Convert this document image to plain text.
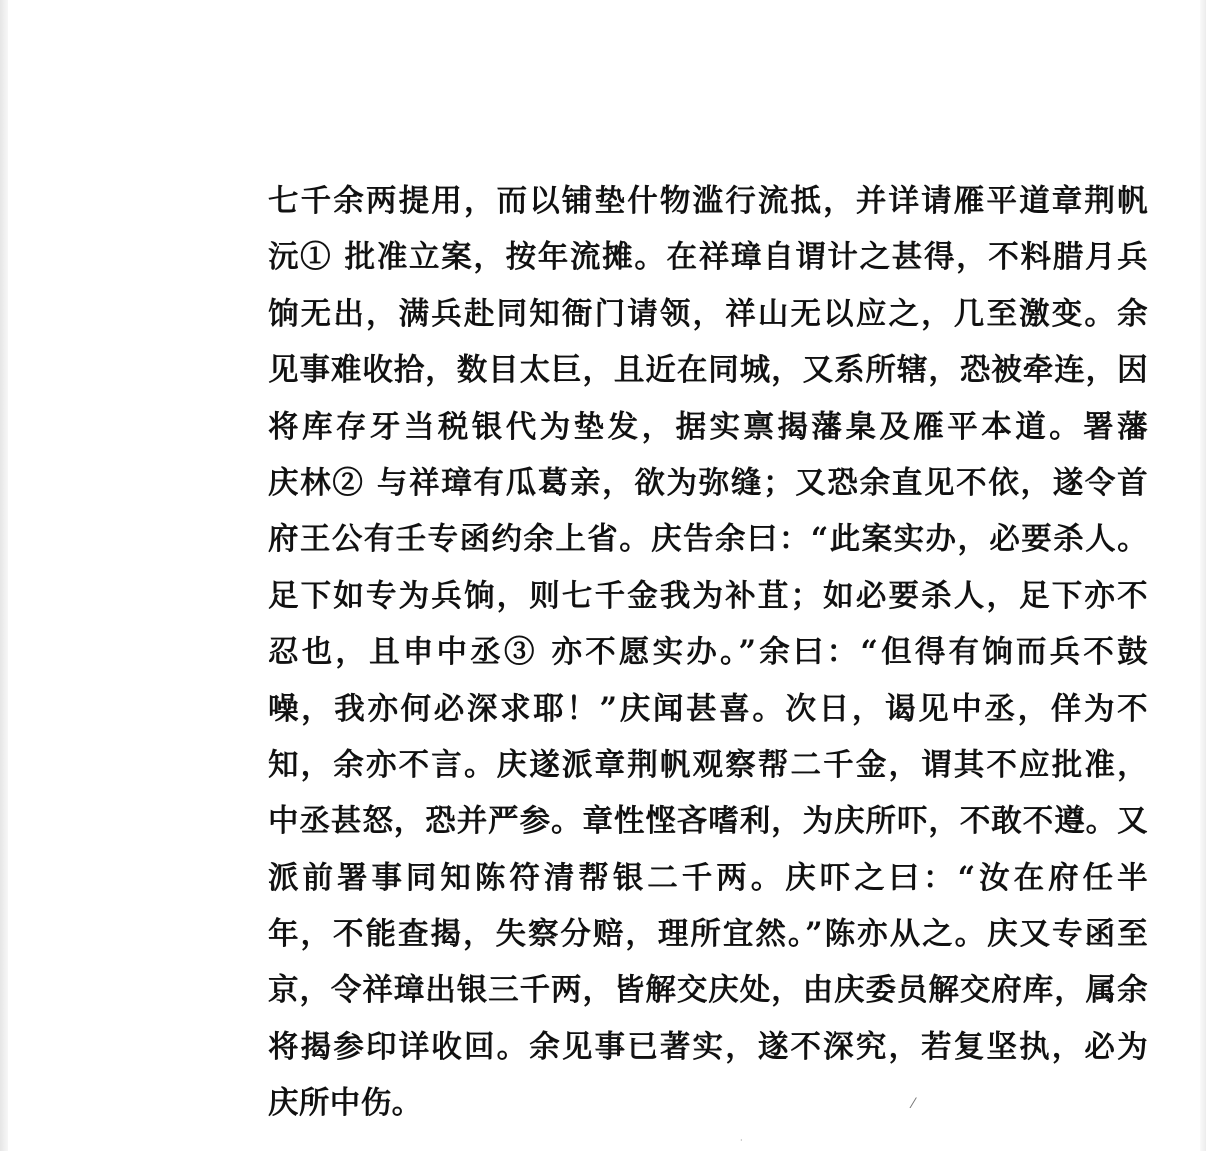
七千余两提用，而以铺垫什物滥行流抵，并详请雁平道章荆帆
沅① 批准立案，按年流摊。在祥璋自谓计之甚得，不料腊月兵
饷无出，满兵赴同知衙门请领，祥山无以应之，几至激变。余
见事难收拾，数目太巨，且近在同城，又系所辖，恐被牵连，因
将库存牙当税银代为垫发，据实禀揭藩臬及雁平本道。署藩
庆林② 与祥璋有瓜葛亲，欲为弥缝；又恐余直见不依，遂令首
府王公有壬专函约余上省。庆告余曰：“此案实办，必要杀人。
足下如专为兵饷，则七千金我为补苴；如必要杀人，足下亦不
忍也，且申中丞③ 亦不愿实办。”余曰：“但得有饷而兵不鼓
噪，我亦何必深求耶！”庆闻甚喜。次日，谒见中丞，佯为不
知，余亦不言。庆遂派章荆帆观察帮二千金，谓其不应批准，
中丞甚怒，恐并严参。章性悭吝嗜利，为庆所吓，不敢不遵。又
派前署事同知陈符清帮银二千两。庆吓之曰：“汝在府任半
年，不能查揭，失察分赔，理所宜然。”陈亦从之。庆又专函至
京，令祥璋出银三千两，皆解交庆处，由庆委员解交府库，属余
将揭参印详收回。余见事已著实，遂不深究，若复坚执，必为
庆所中伤。	⁄
·
